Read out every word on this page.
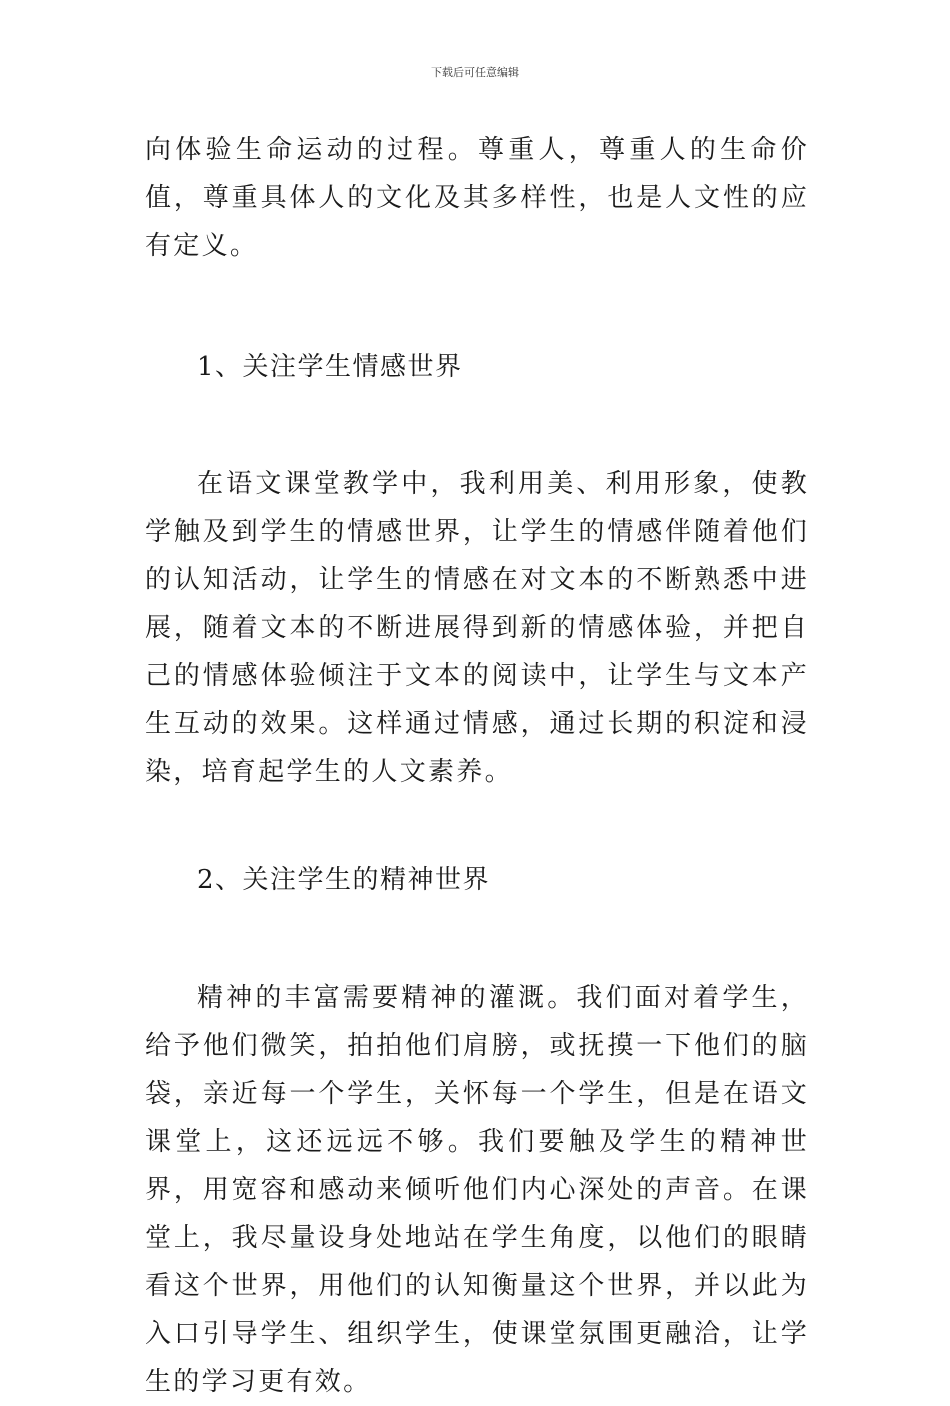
下载后可任意编辑

向体验生命运动的过程。尊重人，尊重人的生命价值，尊重具体人的文化及其多样性，也是人文性的应有定义。

1、关注学生情感世界

在语文课堂教学中，我利用美、利用形象，使教学触及到学生的情感世界，让学生的情感伴随着他们的认知活动，让学生的情感在对文本的不断熟悉中进展，随着文本的不断进展得到新的情感体验，并把自己的情感体验倾注于文本的阅读中，让学生与文本产生互动的效果。这样通过情感，通过长期的积淀和浸染，培育起学生的人文素养。

2、关注学生的精神世界

精神的丰富需要精神的灌溉。我们面对着学生，给予他们微笑，拍拍他们肩膀，或抚摸一下他们的脑袋，亲近每一个学生，关怀每一个学生，但是在语文课堂上，这还远远不够。我们要触及学生的精神世界，用宽容和感动来倾听他们内心深处的声音。在课堂上，我尽量设身处地站在学生角度，以他们的眼睛看这个世界，用他们的认知衡量这个世界，并以此为入口引导学生、组织学生，使课堂氛围更融洽，让学生的学习更有效。
